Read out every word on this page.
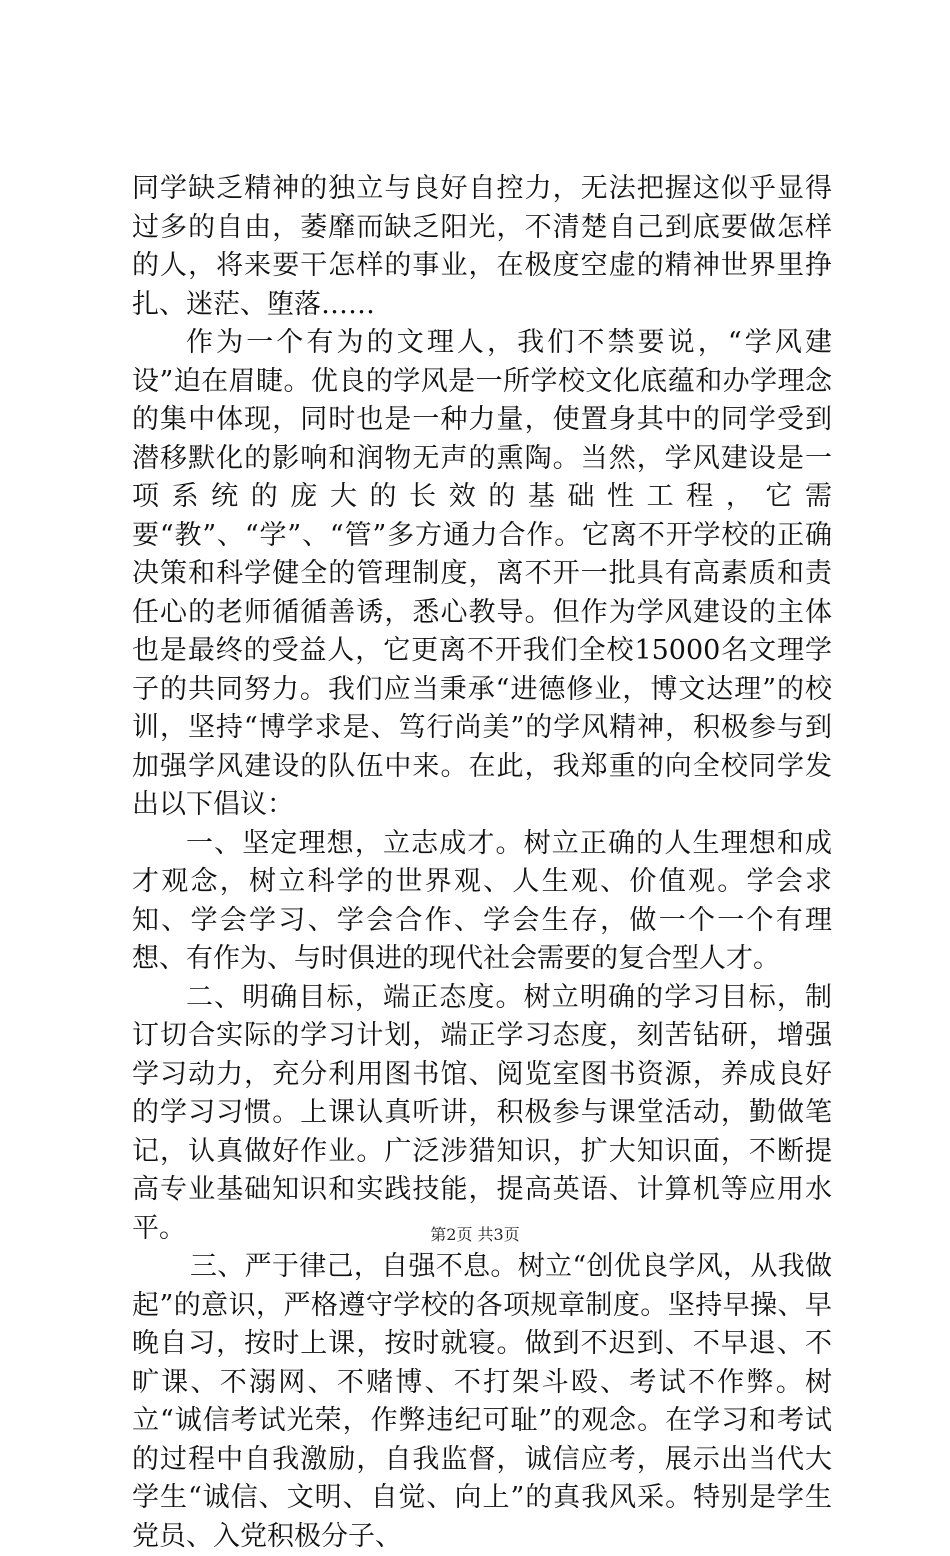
同学缺乏精神的独立与良好自控力，无法把握这似乎显得过多的自由，萎靡而缺乏阳光，不清楚自己到底要做怎样的人，将来要干怎样的事业，在极度空虚的精神世界里挣扎、迷茫、堕落……

作为一个有为的文理人，我们不禁要说，“学风建设”迫在眉睫。优良的学风是一所学校文化底蕴和办学理念的集中体现，同时也是一种力量，使置身其中的同学受到潜移默化的影响和润物无声的熏陶。当然，学风建设是一项系统的庞大的长效的基础性工程，它需要“教”、“学”、“管”多方通力合作。它离不开学校的正确决策和科学健全的管理制度，离不开一批具有高素质和责任心的老师循循善诱，悉心教导。但作为学风建设的主体也是最终的受益人，它更离不开我们全校15000名文理学子的共同努力。我们应当秉承“进德修业，博文达理”的校训，坚持“博学求是、笃行尚美”的学风精神，积极参与到加强学风建设的队伍中来。在此，我郑重的向全校同学发出以下倡议：

一、坚定理想，立志成才。树立正确的人生理想和成才观念，树立科学的世界观、人生观、价值观。学会求知、学会学习、学会合作、学会生存，做一个一个有理想、有作为、与时俱进的现代社会需要的复合型人才。

二、明确目标，端正态度。树立明确的学习目标，制订切合实际的学习计划，端正学习态度，刻苦钻研，增强学习动力，充分利用图书馆、阅览室图书资源，养成良好的学习习惯。上课认真听讲，积极参与课堂活动，勤做笔记，认真做好作业。广泛涉猎知识，扩大知识面，不断提高专业基础知识和实践技能，提高英语、计算机等应用水平。

三、严于律己，自强不息。树立“创优良学风，从我做起”的意识，严格遵守学校的各项规章制度。坚持早操、早晚自习，按时上课，按时就寝。做到不迟到、不早退、不旷课、不溺网、不赌博、不打架斗殴、考试不作弊。树立“诚信考试光荣，作弊违纪可耻”的观念。在学习和考试的过程中自我激励，自我监督，诚信应考，展示出当代大学生“诚信、文明、自觉、向上”的真我风采。特别是学生党员、入党积极分子、

第2页 共3页
